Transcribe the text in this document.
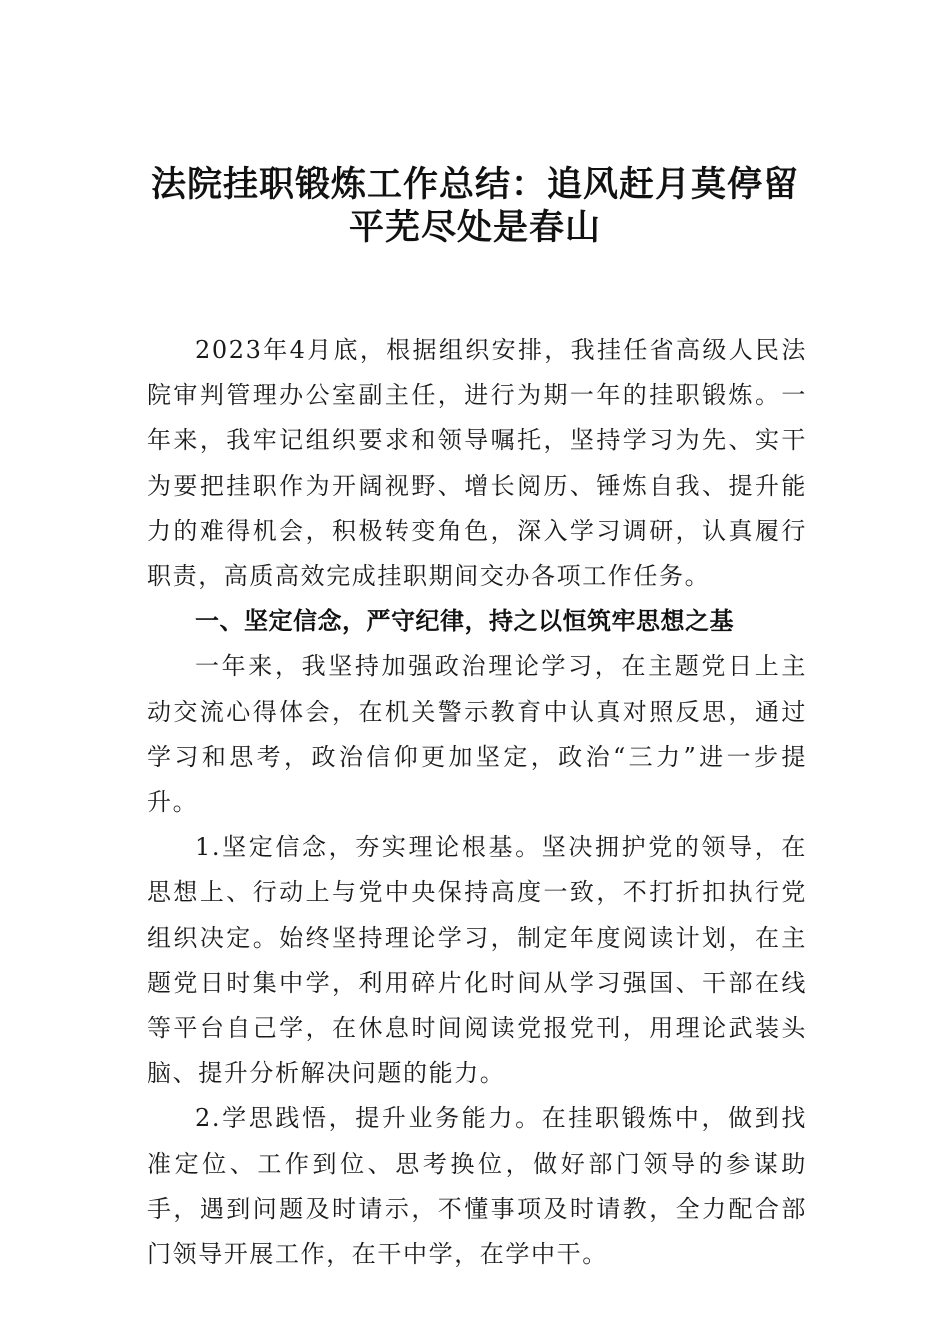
法院挂职锻炼工作总结：追风赶月莫停留
平芜尽处是春山

2023年4月底，根据组织安排，我挂任省高级人民法院审判管理办公室副主任，进行为期一年的挂职锻炼。一年来，我牢记组织要求和领导嘱托，坚持学习为先、实干为要把挂职作为开阔视野、增长阅历、锤炼自我、提升能力的难得机会，积极转变角色，深入学习调研，认真履行职责，高质高效完成挂职期间交办各项工作任务。

一、坚定信念，严守纪律，持之以恒筑牢思想之基

一年来，我坚持加强政治理论学习，在主题党日上主动交流心得体会，在机关警示教育中认真对照反思，通过学习和思考，政治信仰更加坚定，政治“三力”进一步提升。

1.坚定信念，夯实理论根基。坚决拥护党的领导，在思想上、行动上与党中央保持高度一致，不打折扣执行党组织决定。始终坚持理论学习，制定年度阅读计划，在主题党日时集中学，利用碎片化时间从学习强国、干部在线等平台自己学，在休息时间阅读党报党刊，用理论武装头脑、提升分析解决问题的能力。

2.学思践悟，提升业务能力。在挂职锻炼中，做到找准定位、工作到位、思考换位，做好部门领导的参谋助手，遇到问题及时请示，不懂事项及时请教，全力配合部门领导开展工作，在干中学，在学中干。
